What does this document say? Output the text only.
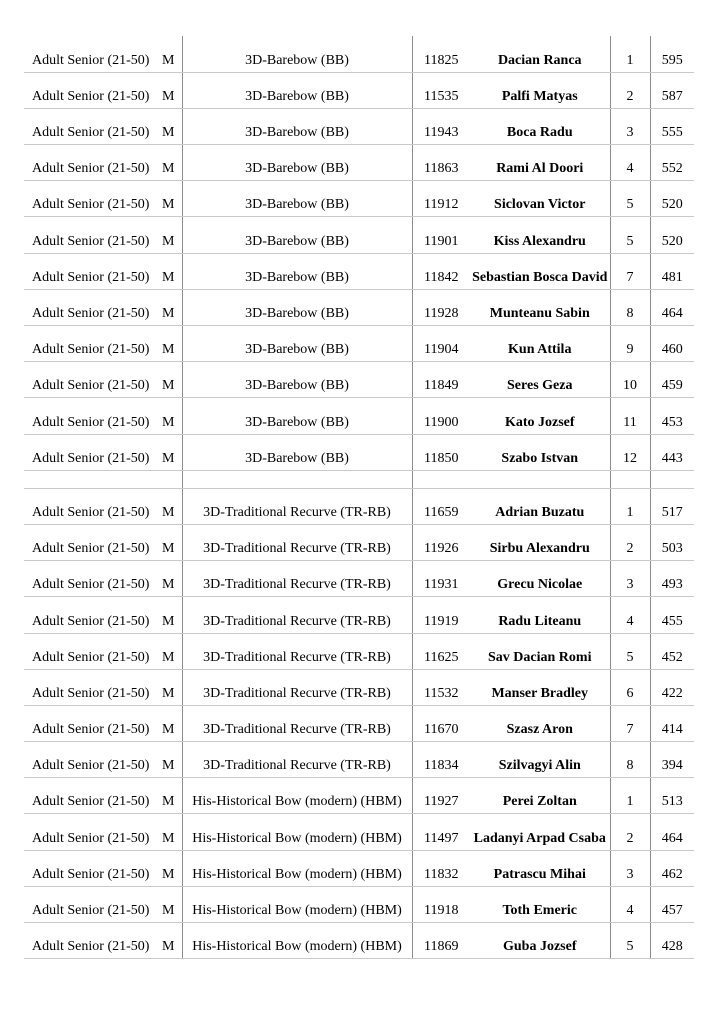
Adult Senior (21-50)	M	3D-Barebow (BB)	11825	Dacian Ranca	1	595
Adult Senior (21-50)	M	3D-Barebow (BB)	11535	Palfi Matyas	2	587
Adult Senior (21-50)	M	3D-Barebow (BB)	11943	Boca Radu	3	555
Adult Senior (21-50)	M	3D-Barebow (BB)	11863	Rami Al Doori	4	552
Adult Senior (21-50)	M	3D-Barebow (BB)	11912	Siclovan Victor	5	520
Adult Senior (21-50)	M	3D-Barebow (BB)	11901	Kiss Alexandru	5	520
Adult Senior (21-50)	M	3D-Barebow (BB)	11842	Sebastian Bosca David	7	481
Adult Senior (21-50)	M	3D-Barebow (BB)	11928	Munteanu Sabin	8	464
Adult Senior (21-50)	M	3D-Barebow (BB)	11904	Kun Attila	9	460
Adult Senior (21-50)	M	3D-Barebow (BB)	11849	Seres Geza	10	459
Adult Senior (21-50)	M	3D-Barebow (BB)	11900	Kato Jozsef	11	453
Adult Senior (21-50)	M	3D-Barebow (BB)	11850	Szabo Istvan	12	443

Adult Senior (21-50)	M	3D-Traditional Recurve (TR-RB)	11659	Adrian Buzatu	1	517
Adult Senior (21-50)	M	3D-Traditional Recurve (TR-RB)	11926	Sirbu Alexandru	2	503
Adult Senior (21-50)	M	3D-Traditional Recurve (TR-RB)	11931	Grecu Nicolae	3	493
Adult Senior (21-50)	M	3D-Traditional Recurve (TR-RB)	11919	Radu Liteanu	4	455
Adult Senior (21-50)	M	3D-Traditional Recurve (TR-RB)	11625	Sav Dacian Romi	5	452
Adult Senior (21-50)	M	3D-Traditional Recurve (TR-RB)	11532	Manser Bradley	6	422
Adult Senior (21-50)	M	3D-Traditional Recurve (TR-RB)	11670	Szasz Aron	7	414
Adult Senior (21-50)	M	3D-Traditional Recurve (TR-RB)	11834	Szilvagyi Alin	8	394
Adult Senior (21-50)	M	His-Historical Bow (modern) (HBM)	11927	Perei Zoltan	1	513
Adult Senior (21-50)	M	His-Historical Bow (modern) (HBM)	11497	Ladanyi Arpad Csaba	2	464
Adult Senior (21-50)	M	His-Historical Bow (modern) (HBM)	11832	Patrascu Mihai	3	462
Adult Senior (21-50)	M	His-Historical Bow (modern) (HBM)	11918	Toth Emeric	4	457
Adult Senior (21-50)	M	His-Historical Bow (modern) (HBM)	11869	Guba Jozsef	5	428
